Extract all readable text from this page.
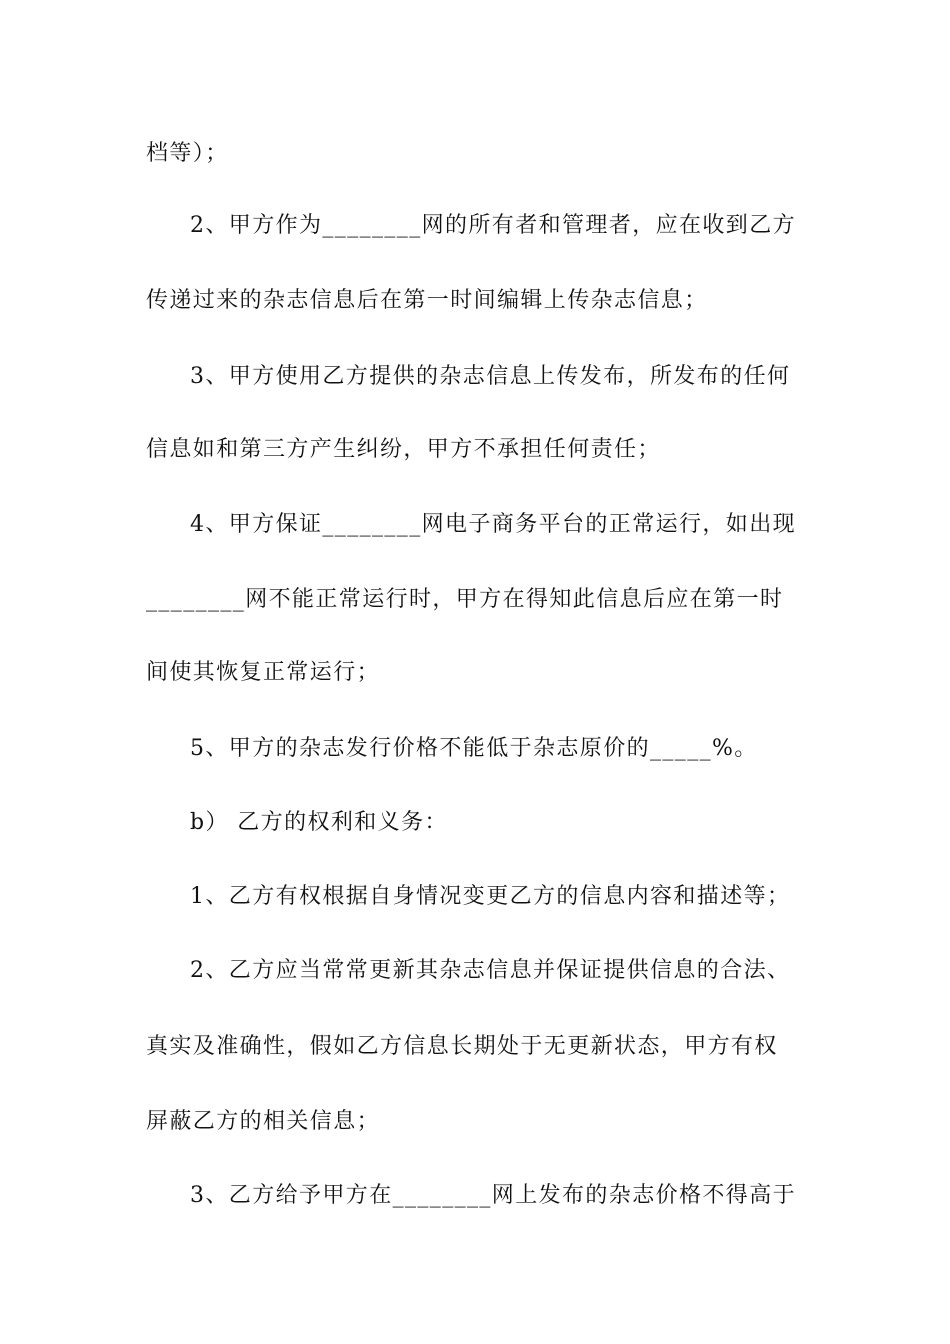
档等）；
2、甲方作为________网的所有者和管理者，应在收到乙方
传递过来的杂志信息后在第一时间编辑上传杂志信息；
3、甲方使用乙方提供的杂志信息上传发布，所发布的任何
信息如和第三方产生纠纷，甲方不承担任何责任；
4、甲方保证________网电子商务平台的正常运行，如出现
________网不能正常运行时，甲方在得知此信息后应在第一时
间使其恢复正常运行；
5、甲方的杂志发行价格不能低于杂志原价的_____%。
b） 乙方的权利和义务：
1、乙方有权根据自身情况变更乙方的信息内容和描述等；
2、乙方应当常常更新其杂志信息并保证提供信息的合法、
真实及准确性，假如乙方信息长期处于无更新状态，甲方有权
屏蔽乙方的相关信息；
3、乙方给予甲方在________网上发布的杂志价格不得高于
